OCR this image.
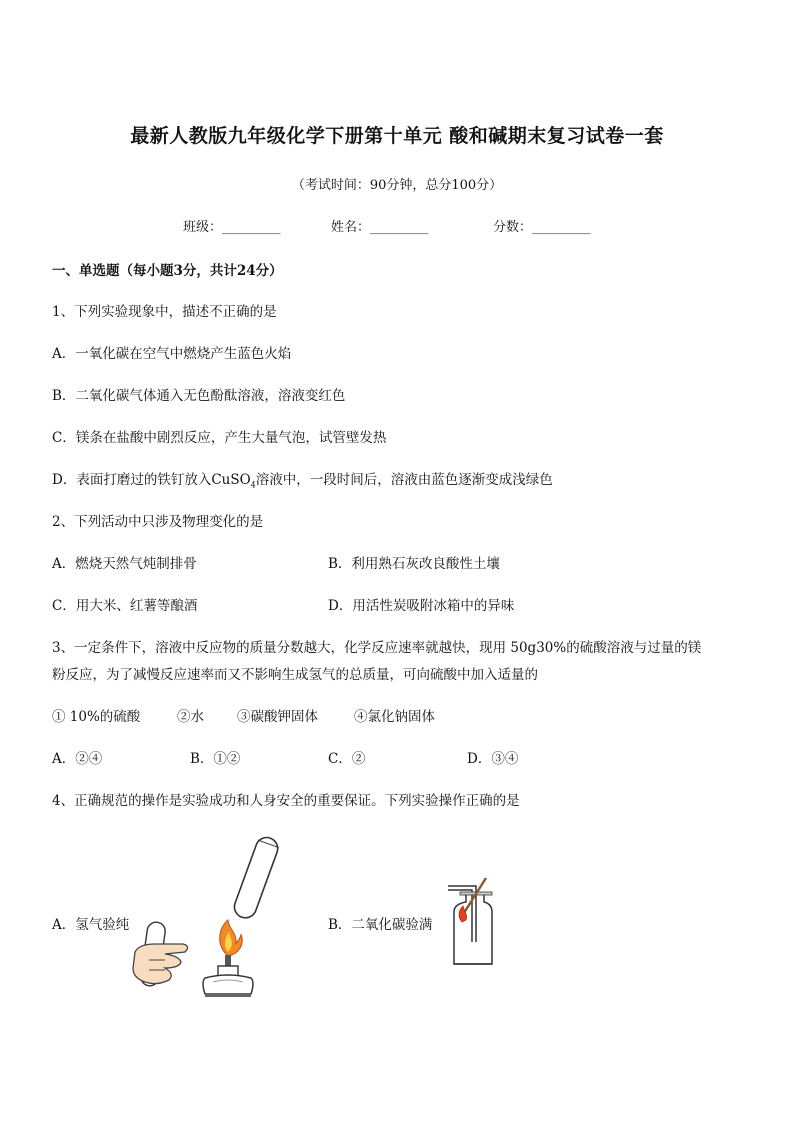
最新人教版九年级化学下册第十单元 酸和碱期末复习试卷一套
（考试时间：90分钟，总分100分）
班级：_________	姓名：_________	分数：_________
一、单选题（每小题3分，共计24分）
1、下列实验现象中，描述不正确的是
A．一氧化碳在空气中燃烧产生蓝色火焰
B．二氧化碳气体通入无色酚酞溶液，溶液变红色
C．镁条在盐酸中剧烈反应，产生大量气泡，试管壁发热
D．表面打磨过的铁钉放入CuSO$_4$溶液中，一段时间后，溶液由蓝色逐渐变成浅绿色
2、下列活动中只涉及物理变化的是
A．燃烧天然气炖制排骨	B．利用熟石灰改良酸性土壤
C．用大米、红薯等酿酒	D．用活性炭吸附冰箱中的异味
3、一定条件下，溶液中反应物的质量分数越大，化学反应速率就越快，现用 50g30%的硫酸溶液与过量的镁
粉反应，为了减慢反应速率而又不影响生成氢气的总质量，可向硫酸中加入适量的
① 10%的硫酸	②水 ③碳酸钾固体	④氯化钠固体
A．②④	B．①②	C．②	D．③④
4、正确规范的操作是实验成功和人身安全的重要保证。下列实验操作正确的是
A．氢气验纯	B．二氧化碳验满
